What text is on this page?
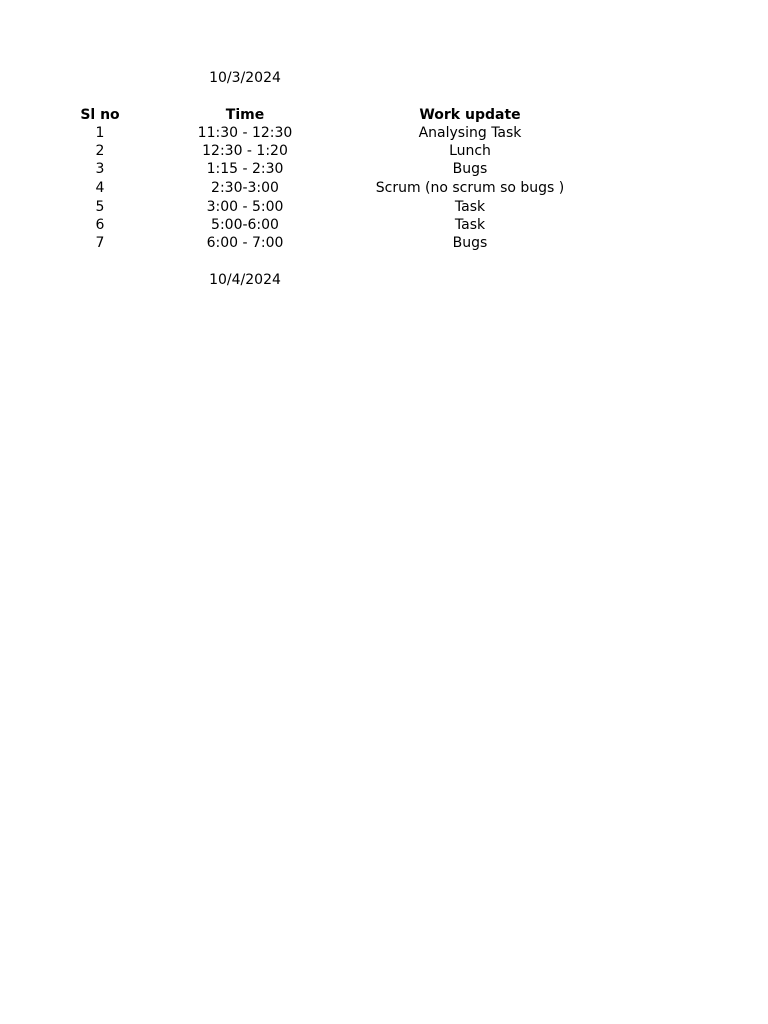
10/3/2024
Sl no	Time	Work update
1	11:30 - 12:30	Analysing Task
2	12:30 - 1:20	Lunch
3	1:15 - 2:30	Bugs
4	2:30-3:00	Scrum (no scrum so bugs )
5	3:00 - 5:00	Task
6	5:00-6:00	Task
7	6:00 - 7:00	Bugs
10/4/2024
